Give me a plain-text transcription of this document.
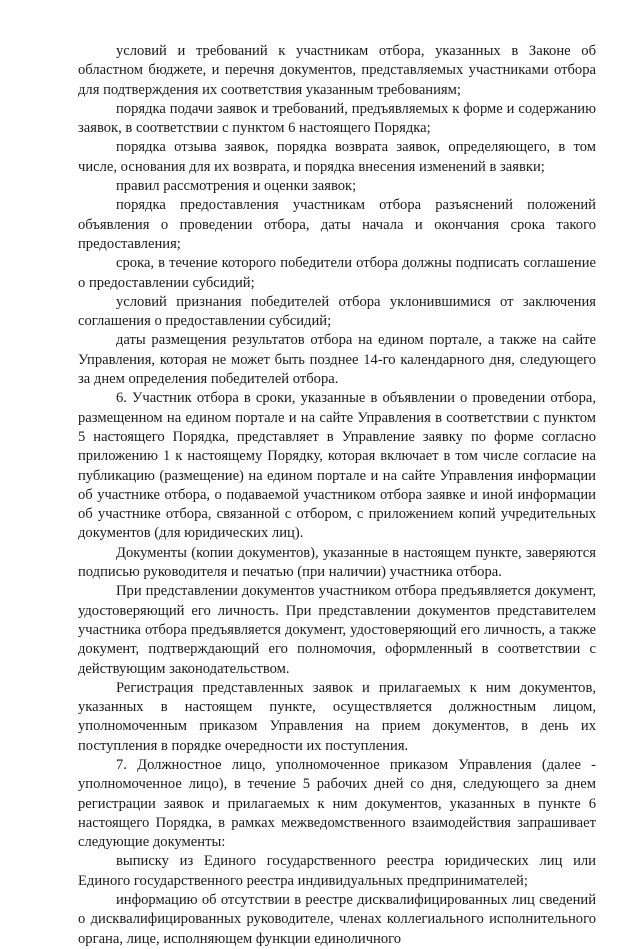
условий и требований к участникам отбора, указанных в Законе об областном бюджете, и перечня документов, представляемых участниками отбора для подтверждения их соответствия указанным требованиям;

порядка подачи заявок и требований, предъявляемых к форме и содержанию заявок, в соответствии с пунктом 6 настоящего Порядка;

порядка отзыва заявок, порядка возврата заявок, определяющего, в том числе, основания для их возврата, и порядка внесения изменений в заявки;

правил рассмотрения и оценки заявок;

порядка предоставления участникам отбора разъяснений положений объявления о проведении отбора, даты начала и окончания срока такого предоставления;

срока, в течение которого победители отбора должны подписать соглашение о предоставлении субсидий;

условий признания победителей отбора уклонившимися от заключения соглашения о предоставлении субсидий;

даты размещения результатов отбора на едином портале, а также на сайте Управления, которая не может быть позднее 14-го календарного дня, следующего за днем определения победителей отбора.

6. Участник отбора в сроки, указанные в объявлении о проведении отбора, размещенном на едином портале и на сайте Управления в соответствии с пунктом 5 настоящего Порядка, представляет в Управление заявку по форме согласно приложению 1 к настоящему Порядку, которая включает в том числе согласие на публикацию (размещение) на едином портале и на сайте Управления информации об участнике отбора, о подаваемой участником отбора заявке и иной информации об участнике отбора, связанной с отбором, с приложением копий учредительных документов (для юридических лиц).

Документы (копии документов), указанные в настоящем пункте, заверяются подписью руководителя и печатью (при наличии) участника отбора.

При представлении документов участником отбора предъявляется документ, удостоверяющий его личность. При представлении документов представителем участника отбора предъявляется документ, удостоверяющий его личность, а также документ, подтверждающий его полномочия, оформленный в соответствии с действующим законодательством.

Регистрация представленных заявок и прилагаемых к ним документов, указанных в настоящем пункте, осуществляется должностным лицом, уполномоченным приказом Управления на прием документов, в день их поступления в порядке очередности их поступления.

7. Должностное лицо, уполномоченное приказом Управления (далее - уполномоченное лицо), в течение 5 рабочих дней со дня, следующего за днем регистрации заявок и прилагаемых к ним документов, указанных в пункте 6 настоящего Порядка, в рамках межведомственного взаимодействия запрашивает следующие документы:

выписку из Единого государственного реестра юридических лиц или Единого государственного реестра индивидуальных предпринимателей;

информацию об отсутствии в реестре дисквалифицированных лиц сведений о дисквалифицированных руководителе, членах коллегиального исполнительного органа, лице, исполняющем функции единоличного
